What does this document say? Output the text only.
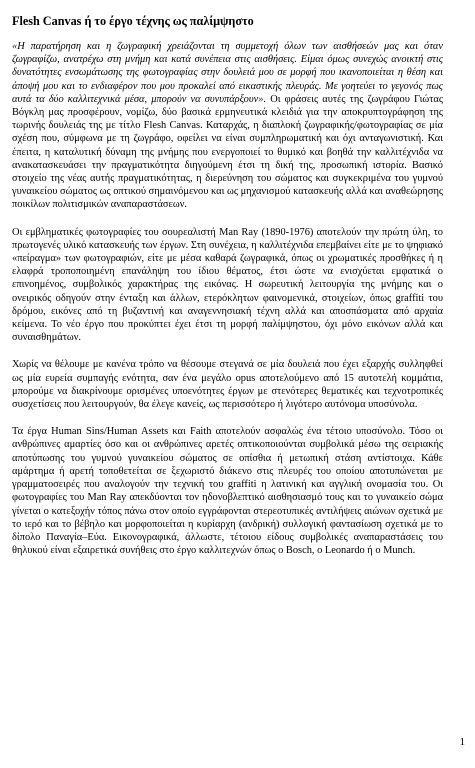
Flesh Canvas ή το έργο τέχνης ως παλίμψηστο

«Η παρατήρηση και η ζωγραφική χρειάζονται τη συμμετοχή όλων των αισθήσεών μας και όταν ζωγραφίζω, ανατρέχω στη μνήμη και κατά συνέπεια στις αισθήσεις. Είμαι όμως συνεχώς ανοικτή στις δυνατότητες ενσωμάτωσης της φωτογραφίας στην δουλειά μου σε μορφή που ικανοποιείται η θέση και άποψή μου και το ενδιαφέρον που μου προκαλεί από εικαστικής πλευράς. Με γοητεύει το γεγονός πως αυτά τα δύο καλλιτεχνικά μέσα, μπορούν να συνυπάρξουν». Οι φράσεις αυτές της ζωγράφου Γιώτας Βόγκλη μας προσφέρουν, νομίζω, δύο βασικά ερμηνευτικά κλειδιά για την αποκρυπτογράφηση της τωρινής δουλειάς της με τίτλο Flesh Canvas. Καταρχάς, η διαπλοκή ζωγραφικής/φωτογραφίας σε μία σχέση που, σύμφωνα με τη ζωγράφο, οφείλει να είναι συμπληρωματική και όχι ανταγωνιστική. Και έπειτα, η καταλυτική δύναμη της μνήμης που ενεργοποιεί το θυμικό και βοηθά την καλλιτέχνιδα να ανακατασκευάσει την πραγματικότητα διηγούμενη έτσι τη δική της, προσωπική ιστορία. Βασικό στοιχείο της νέας αυτής πραγματικότητας, η διερεύνηση του σώματος και συγκεκριμένα του γυμνού γυναικείου σώματος ως οπτικού σημαινόμενου και ως μηχανισμού κατασκευής αλλά και αναθεώρησης ποικίλων πολιτισμικών αναπαραστάσεων.

Οι εμβληματικές φωτογραφίες του σουρεαλιστή Man Ray (1890-1976) αποτελούν την πρώτη ύλη, το πρωτογενές υλικό κατασκευής των έργων. Στη συνέχεια, η καλλιτέχνιδα επεμβαίνει είτε με το ψηφιακό «πείραγμα» των φωτογραφιών, είτε με μέσα καθαρά ζωγραφικά, όπως οι χρωματικές προσθήκες ή η ελαφρά τροποποιημένη επανάληψη του ίδιου θέματος, έτσι ώστε να ενισχύεται εμφατικά ο επινοημένος, συμβολικός χαρακτήρας της εικόνας. Η σωρευτική λειτουργία της μνήμης και ο ονειρικός οδηγούν στην ένταξη και άλλων, ετερόκλητων φαινομενικά, στοιχείων, όπως graffiti του δρόμου, εικόνες από τη βυζαντινή και αναγεννησιακή τέχνη αλλά και αποσπάσματα από αρχαία κείμενα. Το νέο έργο που προκύπτει έχει έτσι τη μορφή παλίμψηστου, όχι μόνο εικόνων αλλά και συναισθημάτων.

Χωρίς να θέλουμε με κανένα τρόπο να θέσουμε στεγανά σε μία δουλειά που έχει εξαρχής συλληφθεί ως μία ευρεία συμπαγής ενότητα, σαν ένα μεγάλο opus αποτελούμενο από 15 αυτοτελή κομμάτια, μπορούμε να διακρίνουμε ορισμένες υποενότητες έργων με στενότερες θεματικές και τεχνοτροπικές συσχετίσεις που λειτουργούν, θα έλεγε κανείς, ως περισσότερο ή λιγότερο αυτόνομα υποσύνολα.

Τα έργα Human Sins/Human Assets και Faith αποτελούν ασφαλώς ένα τέτοιο υποσύνολο. Τόσο οι ανθρώπινες αμαρτίες όσο και οι ανθρώπινες αρετές οπτικοποιούνται συμβολικά μέσω της σειριακής αποτύπωσης του γυμνού γυναικείου σώματος σε οπίσθια ή μετωπική στάση αντίστοιχα. Κάθε αμάρτημα ή αρετή τοποθετείται σε ξεχωριστό διάκενο στις πλευρές του οποίου αποτυπώνεται με γραμματοσειρές που αναλογούν την τεχνική του graffiti η λατινική και αγγλική ονομασία του. Οι φωτογραφίες του Man Ray απεκδύονται τον ηδονοβλεπτικό αισθησιασμό τους και το γυναικείο σώμα γίνεται ο κατεξοχήν τόπος πάνω στον οποίο εγγράφονται στερεοτυπικές αντιλήψεις αιώνων σχετικά με το ιερό και το βέβηλο και μορφοποιείται η κυρίαρχη (ανδρική) συλλογική φαντασίωση σχετικά με το δίπολο Παναγία–Εύα. Εικονογραφικά, άλλωστε, τέτοιου είδους συμβολικές αναπαραστάσεις του θηλυκού είναι εξαιρετικά συνήθεις στο έργο καλλιτεχνών όπως ο Bosch, ο Leonardo ή ο Munch.

1
